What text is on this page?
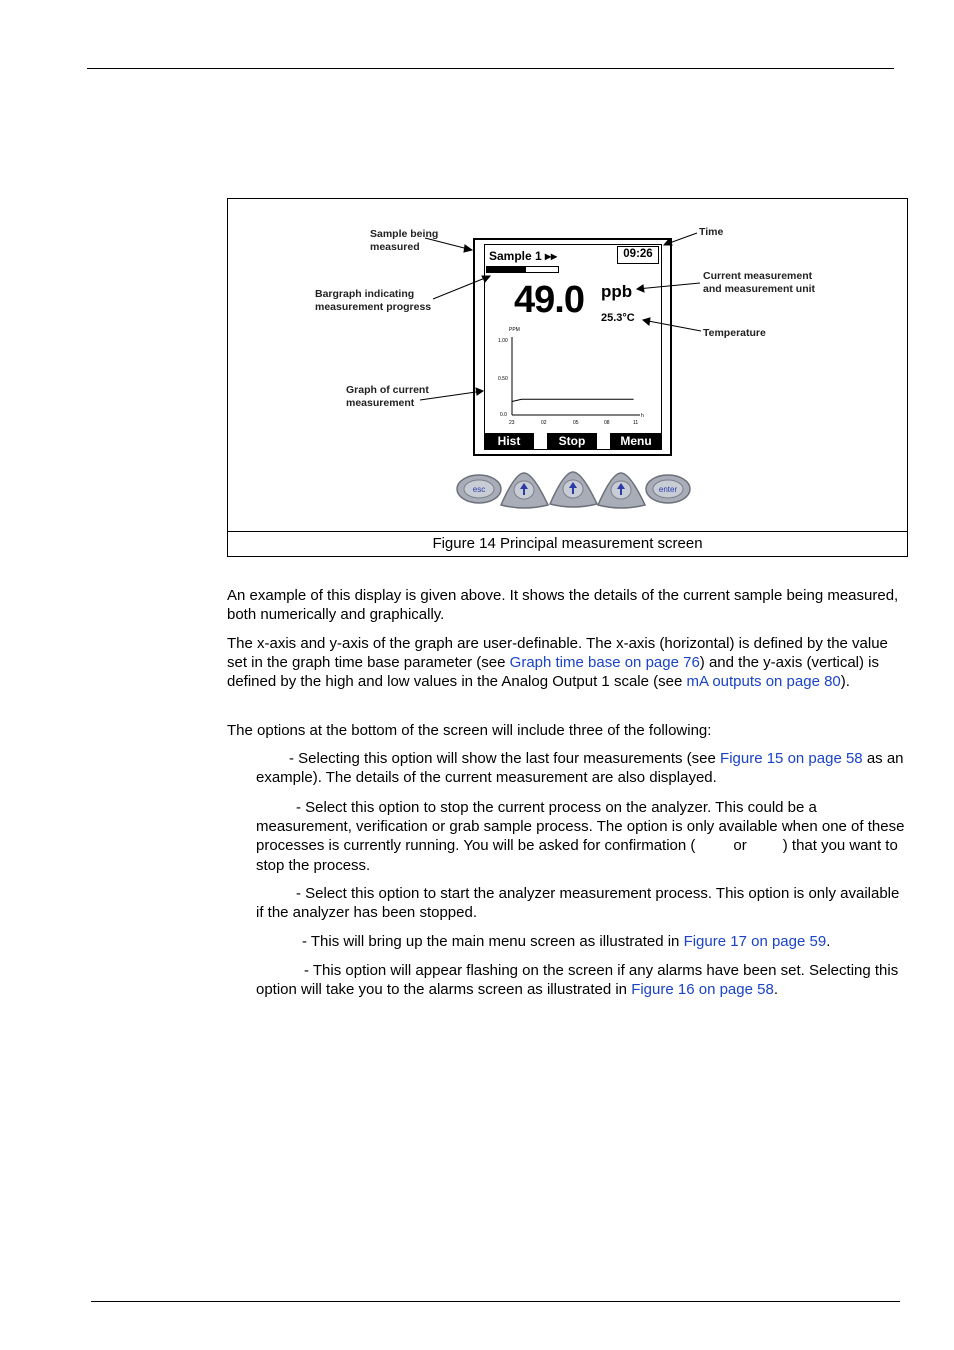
Figure 14 Principal measurement screen
Sample being measured
Bargraph indicating measurement progress
Graph of current measurement
Time
Current measurement and measurement unit
Temperature
Sample 1 ▸▸	09:26
49.0 ppb
25.3°C
Hist	Stop	Menu
PPM
1.00
0.50
0.0
23	02	05	08	11
h
esc	enter
An example of this display is given above. It shows the details of the current sample being measured, both numerically and graphically.
The x-axis and y-axis of the graph are user-definable. The x-axis (horizontal) is defined by the value set in the graph time base parameter (see Graph time base on page 76) and the y-axis (vertical) is defined by the high and low values in the Analog Output 1 scale (see mA outputs on page 80).
The options at the bottom of the screen will include three of the following:
- Selecting this option will show the last four measurements (see Figure 15 on page 58 as an example). The details of the current measurement are also displayed.
- Select this option to stop the current process on the analyzer. This could be a measurement, verification or grab sample process. The option is only available when one of these processes is currently running. You will be asked for confirmation (	or ) that you want to stop the process.
- Select this option to start the analyzer measurement process. This option is only available if the analyzer has been stopped.
- This will bring up the main menu screen as illustrated in Figure 17 on page 59.
- This option will appear flashing on the screen if any alarms have been set. Selecting this option will take you to the alarms screen as illustrated in Figure 16 on page 58.
